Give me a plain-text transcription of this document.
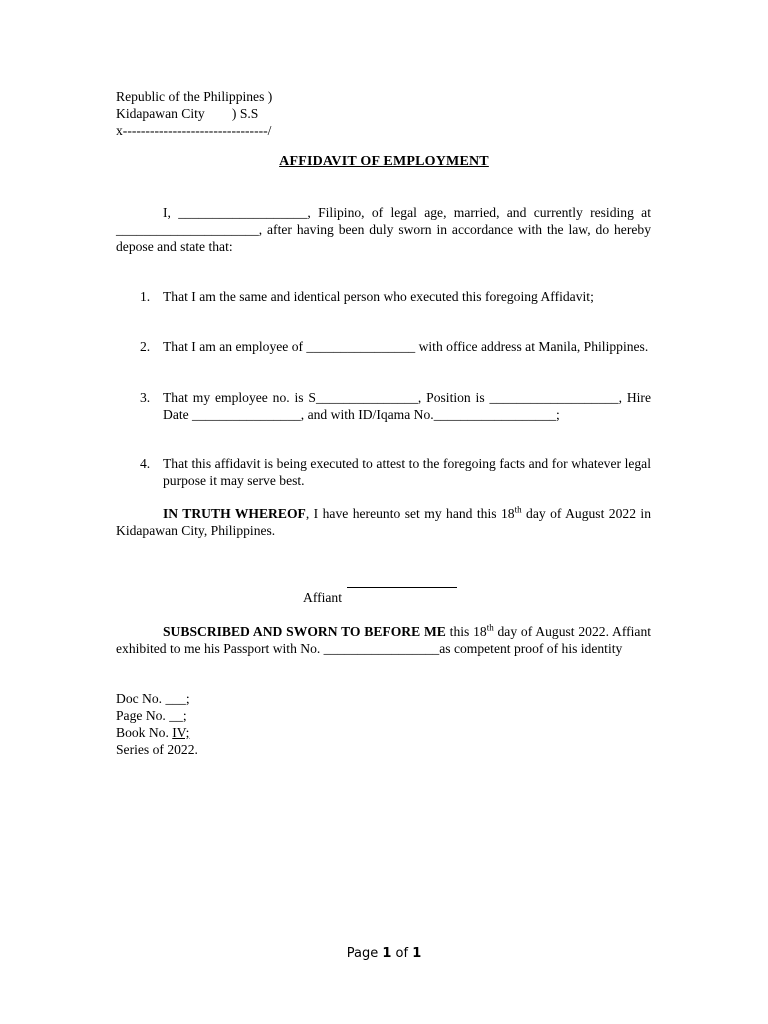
Republic of the Philippines )
Kidapawan City        ) S.S
x--------------------------------/
AFFIDAVIT OF EMPLOYMENT
I, ___________________, Filipino, of legal age, married, and currently residing at _____________________, after having been duly sworn in accordance with the law, do hereby depose and state that:
1. That I am the same and identical person who executed this foregoing Affidavit;
2. That I am an employee of ________________ with office address at Manila, Philippines.
3. That my employee no. is S_______________, Position is ___________________, Hire Date ________________, and with ID/Iqama No.__________________;
4. That this affidavit is being executed to attest to the foregoing facts and for whatever legal purpose it may serve best.
IN TRUTH WHEREOF, I have hereunto set my hand this 18th day of August 2022 in Kidapawan City, Philippines.
Affiant
SUBSCRIBED AND SWORN TO BEFORE ME this 18th day of August 2022. Affiant exhibited to me his Passport with No. _________________as competent proof of his identity
Doc No. ___;
Page No. __;
Book No. IV;
Series of 2022.
Page 1 of 1
